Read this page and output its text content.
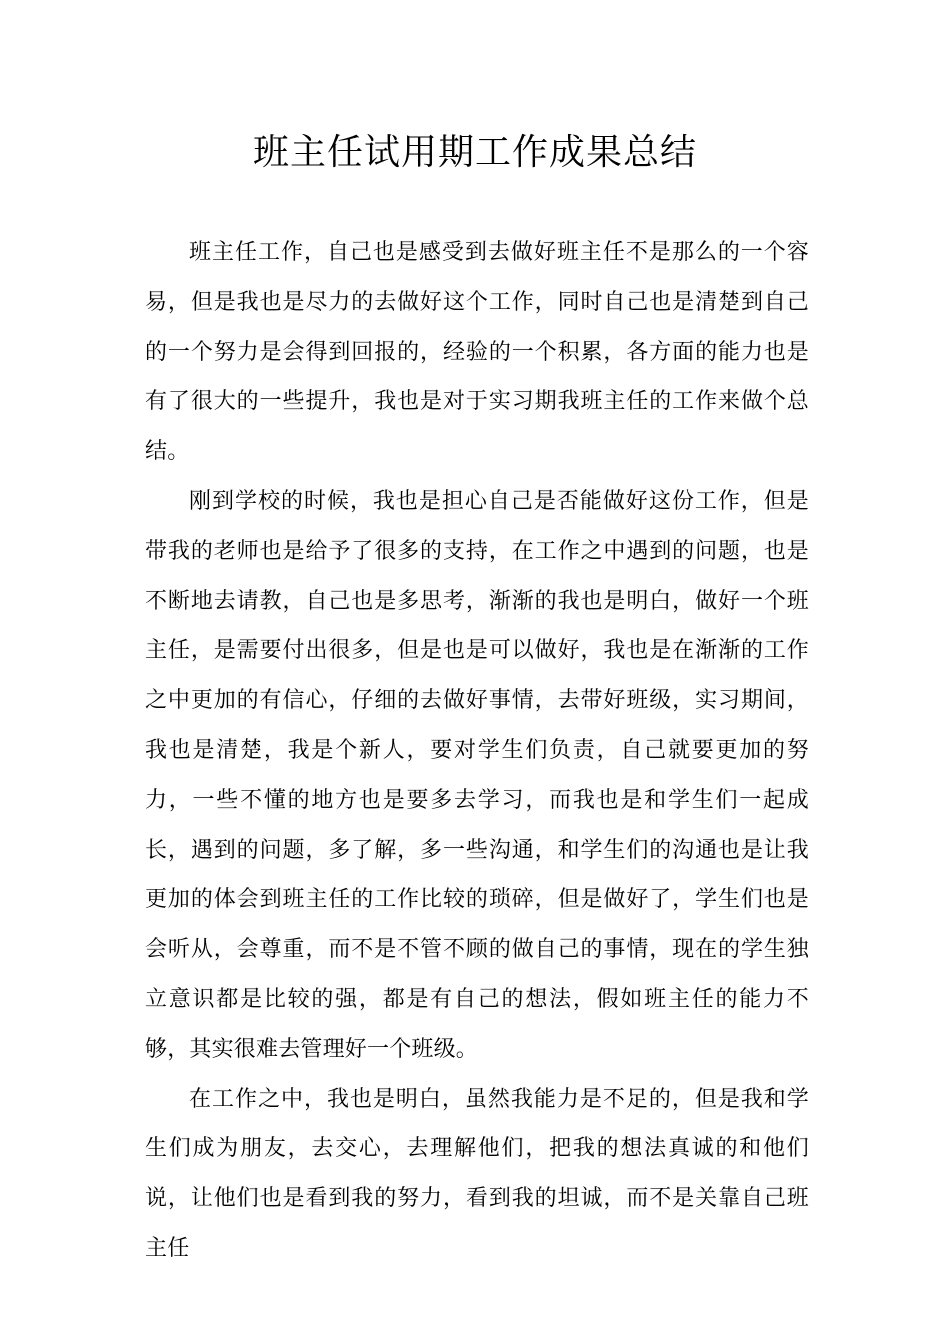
班主任试用期工作成果总结

班主任工作，自己也是感受到去做好班主任不是那么的一个容易，但是我也是尽力的去做好这个工作，同时自己也是清楚到自己的一个努力是会得到回报的，经验的一个积累，各方面的能力也是有了很大的一些提升，我也是对于实习期我班主任的工作来做个总结。

刚到学校的时候，我也是担心自己是否能做好这份工作，但是带我的老师也是给予了很多的支持，在工作之中遇到的问题，也是不断地去请教，自己也是多思考，渐渐的我也是明白，做好一个班主任，是需要付出很多，但是也是可以做好，我也是在渐渐的工作之中更加的有信心，仔细的去做好事情，去带好班级，实习期间，我也是清楚，我是个新人，要对学生们负责，自己就要更加的努力，一些不懂的地方也是要多去学习，而我也是和学生们一起成长，遇到的问题，多了解，多一些沟通，和学生们的沟通也是让我更加的体会到班主任的工作比较的琐碎，但是做好了，学生们也是会听从，会尊重，而不是不管不顾的做自己的事情，现在的学生独立意识都是比较的强，都是有自己的想法，假如班主任的能力不够，其实很难去管理好一个班级。

在工作之中，我也是明白，虽然我能力是不足的，但是我和学生们成为朋友，去交心，去理解他们，把我的想法真诚的和他们说，让他们也是看到我的努力，看到我的坦诚，而不是关靠自己班主任
